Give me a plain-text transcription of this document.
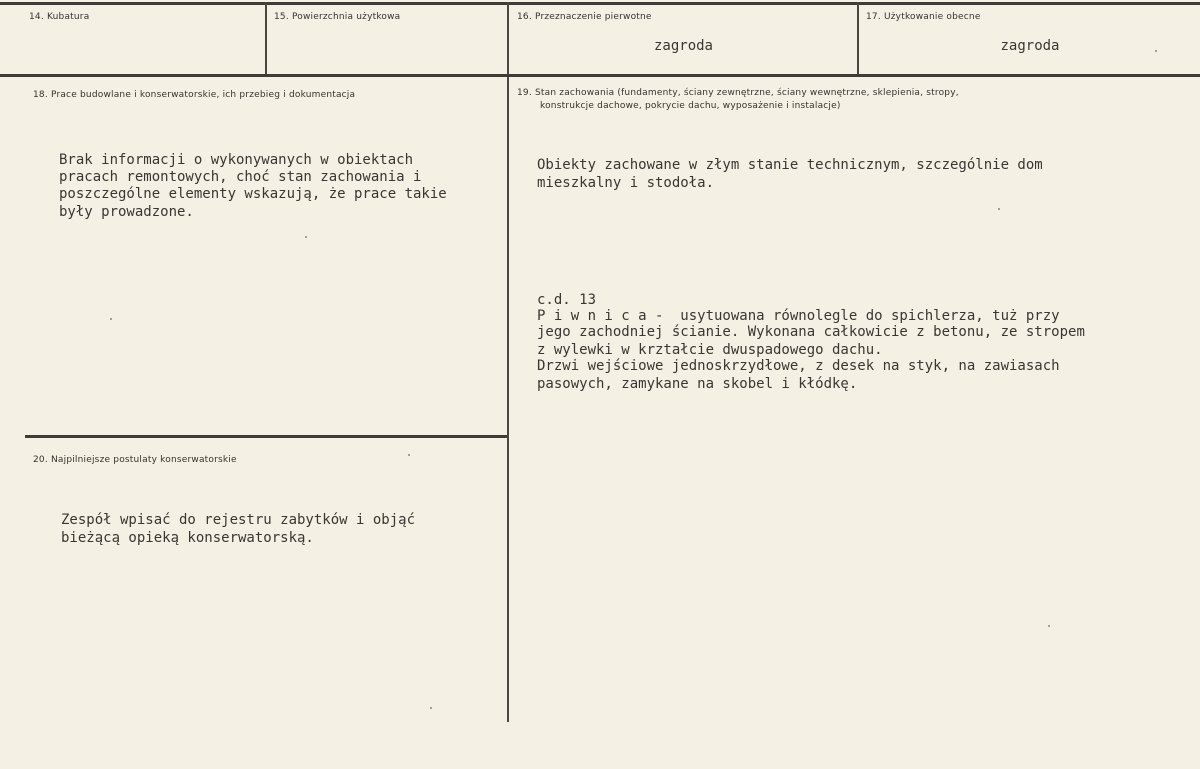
14. Kubatura	15. Powierzchnia użytkowa	16. Przeznaczenie pierwotne
zagroda
17. Użytkowanie obecne
zagroda
18. Prace budowlane i konserwatorskie, ich przebieg i dokumentacja
Brak informacji o wykonywanych w obiektach
pracach remontowych, choć stan zachowania i
poszczególne elementy wskazują, że prace takie
były prowadzone.
19. Stan zachowania (fundamenty, ściany zewnętrzne, ściany wewnętrzne, sklepienia, stropy,
konstrukcje dachowe, pokrycie dachu, wyposażenie i instalacje)
Obiekty zachowane w złym stanie technicznym, szczególnie dom
mieszkalny i stodoła.
c.d. 13
P i w n i c a -  usytuowana równolegle do spichlerza, tuż przy
jego zachodniej ścianie. Wykonana całkowicie z betonu, ze stropem
z wylewki w krztałcie dwuspadowego dachu.
Drzwi wejściowe jednoskrzydłowe, z desek na styk, na zawiasach
pasowych, zamykane na skobel i kłódkę.
20. Najpilniejsze postulaty konserwatorskie
Zespół wpisać do rejestru zabytków i objąć
bieżącą opieką konserwatorską.
